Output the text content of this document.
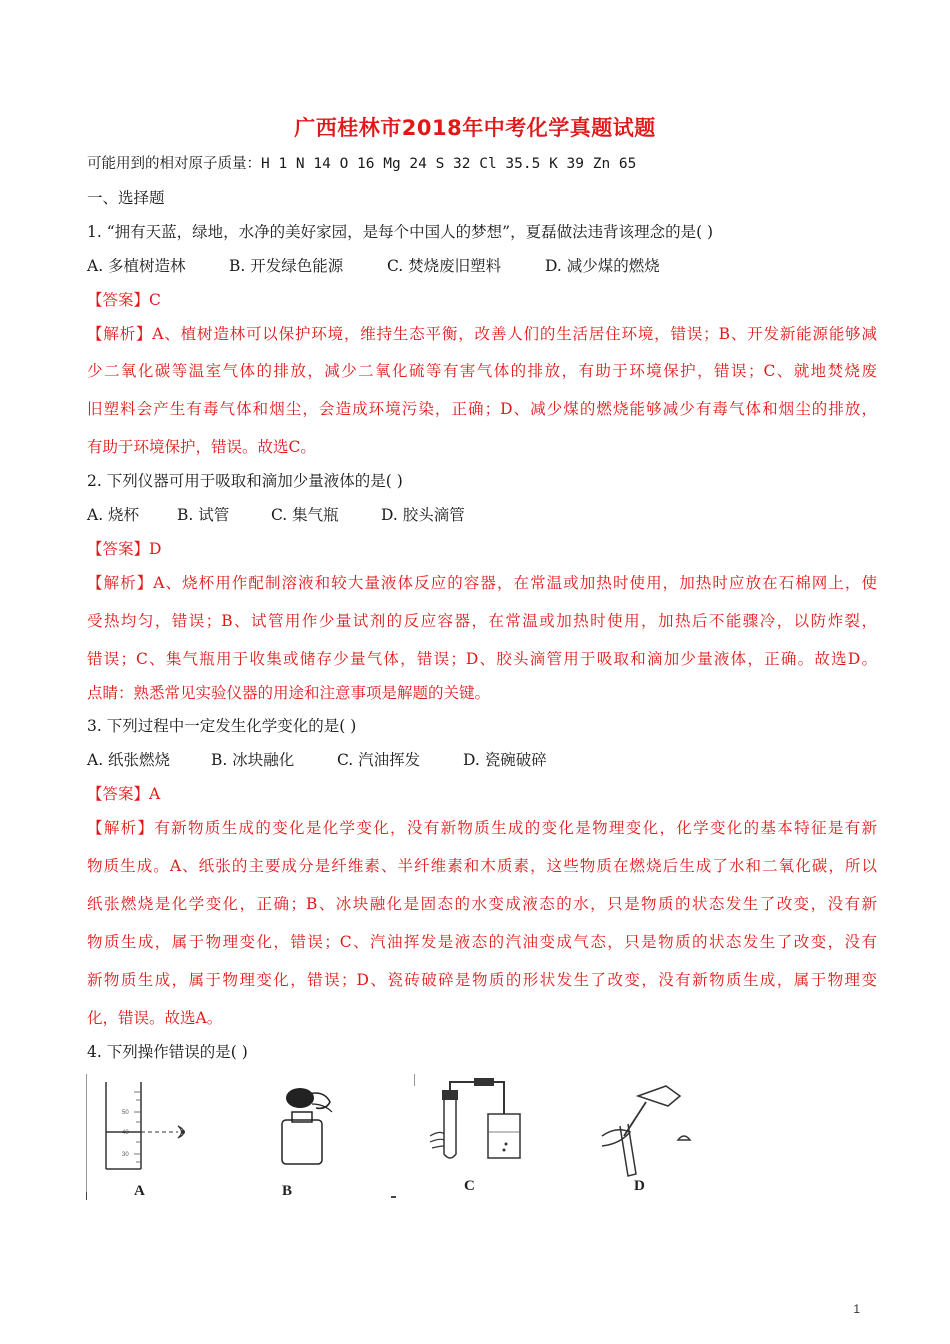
广西桂林市2018年中考化学真题试题
可能用到的相对原子质量：H 1 N 14 O 16 Mg 24 S 32 Cl 35.5 K 39 Zn 65
一、选择题
1. “拥有天蓝，绿地，水净的美好家园，是每个中国人的梦想”，夏磊做法违背该理念的是( )
A. 多植树造林	B. 开发绿色能源	C. 焚烧废旧塑料	D. 减少煤的燃烧
【答案】C
【解析】A、植树造林可以保护环境，维持生态平衡，改善人们的生活居住环境，错误；B、开发新能源能够减
少二氧化碳等温室气体的排放，减少二氧化硫等有害气体的排放，有助于环境保护，错误；C、就地焚烧废
旧塑料会产生有毒气体和烟尘，会造成环境污染，正确；D、减少煤的燃烧能够减少有毒气体和烟尘的排放，
有助于环境保护，错误。故选C。
2. 下列仪器可用于吸取和滴加少量液体的是( )
A. 烧杯 B. 试管	C. 集气瓶	D. 胶头滴管
【答案】D
【解析】A、烧杯用作配制溶液和较大量液体反应的容器，在常温或加热时使用，加热时应放在石棉网上，使
受热均匀，错误；B、试管用作少量试剂的反应容器，在常温或加热时使用，加热后不能骤冷，以防炸裂，
错误；C、集气瓶用于收集或储存少量气体，错误；D、胶头滴管用于吸取和滴加少量液体，正确。故选D。
点睛：熟悉常见实验仪器的用途和注意事项是解题的关键。
3. 下列过程中一定发生化学变化的是( )
A. 纸张燃烧	B. 冰块融化	C. 汽油挥发	D. 瓷碗破碎
【答案】A
【解析】有新物质生成的变化是化学变化，没有新物质生成的变化是物理变化，化学变化的基本特征是有新
物质生成。A、纸张的主要成分是纤维素、半纤维素和木质素，这些物质在燃烧后生成了水和二氧化碳，所以
纸张燃烧是化学变化，正确；B、冰块融化是固态的水变成液态的水，只是物质的状态发生了改变，没有新
物质生成，属于物理变化，错误；C、汽油挥发是液态的汽油变成气态，只是物质的状态发生了改变，没有
新物质生成，属于物理变化，错误；D、瓷砖破碎是物质的形状发生了改变，没有新物质生成，属于物理变
化，错误。故选A。
4. 下列操作错误的是( )
50
40
30
A	B	C	D
1
